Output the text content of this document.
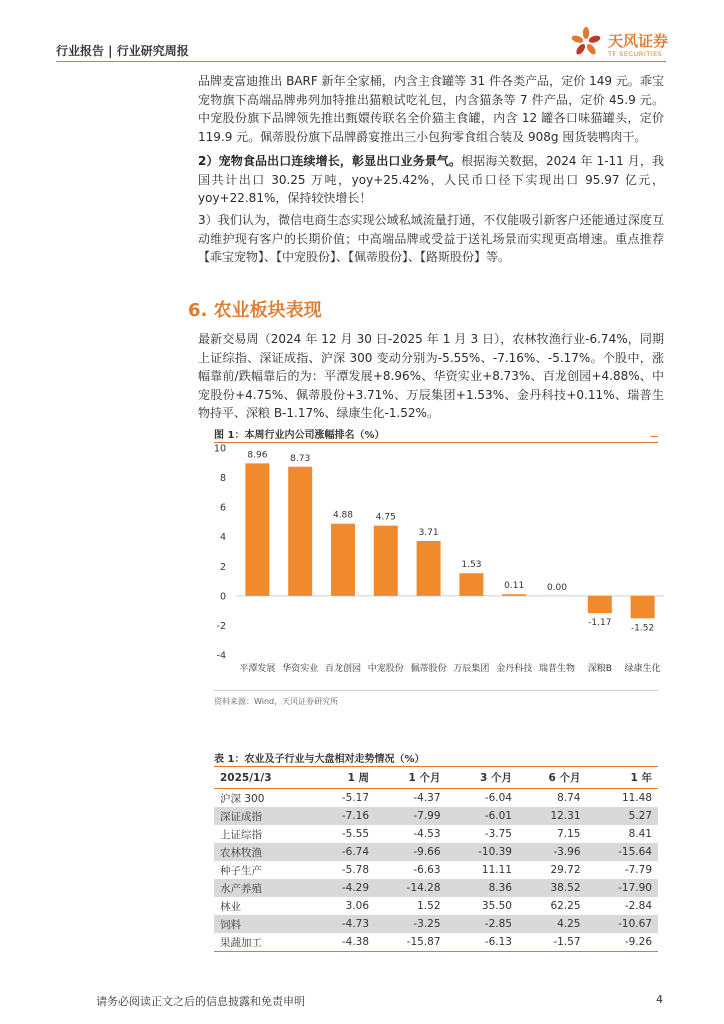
行业报告 | 行业研究周报
天风证券
TF SECURITIES

品牌麦富迪推出 BARF 新年全家桶，内含主食罐等 31 件各类产品，定价 149 元。乖宝宠物旗下高端品牌弗列加特推出猫粮试吃礼包，内含猫条等 7 件产品，定价 45.9 元。中宠股份旗下品牌领先推出甄嬛传联名全价猫主食罐，内含 12 罐各口味猫罐头，定价 119.9 元。佩蒂股份旗下品牌爵宴推出三小包狗零食组合装及 908g 囤货装鸭肉干。

2）宠物食品出口连续增长，彰显出口业务景气。根据海关数据，2024 年 1-11 月，我国共计出口 30.25 万吨，yoy+25.42%，人民币口径下实现出口 95.97 亿元，yoy+22.81%，保持较快增长！

3）我们认为，微信电商生态实现公域私域流量打通，不仅能吸引新客户还能通过深度互动维护现有客户的长期价值；中高端品牌或受益于送礼场景而实现更高增速。重点推荐【乖宝宠物】、【中宠股份】、【佩蒂股份】、【路斯股份】等。

6. 农业板块表现

最新交易周（2024 年 12 月 30 日-2025 年 1 月 3 日），农林牧渔行业-6.74%，同期上证综指、深证成指、沪深 300 变动分别为-5.55%、-7.16%、-5.17%。个股中，涨幅靠前/跌幅靠后的为：平潭发展+8.96%、华资实业+8.73%、百龙创园+4.88%、中宠股份+4.75%、佩蒂股份+3.71%、万辰集团+1.53%、金丹科技+0.11%、瑞普生物持平、深粮 B-1.17%、绿康生化-1.52%。

图 1：本周行业内公司涨幅排名（%）
-4
-2
0
2
4
6
8
10
8.96
平潭发展
8.73
华资实业
4.88
百龙创园
4.75
中宠股份
3.71
佩蒂股份
1.53
万辰集团
0.11
金丹科技
0.00
瑞普生物
-1.17
深粮B
-1.52
绿康生化
资料来源：Wind，天风证券研究所
表 1：农业及子行业与大盘相对走势情况（%）
2025/1/3	1 周	1 个月	3 个月	6 个月	1 年
沪深 300	-5.17	-4.37	-6.04	8.74	11.48
深证成指	-7.16	-7.99	-6.01	12.31	5.27
上证综指	-5.55	-4.53	-3.75	7.15	8.41
农林牧渔	-6.74	-9.66	-10.39	-3.96	-15.64
种子生产	-5.78	-6.63	11.11	29.72	-7.79
水产养殖	-4.29	-14.28	8.36	38.52	-17.90
林业	3.06	1.52	35.50	62.25	-2.84
饲料	-4.73	-3.25	-2.85	4.25	-10.67
果蔬加工	-4.38	-15.87	-6.13	-1.57	-9.26
请务必阅读正文之后的信息披露和免责申明	4
